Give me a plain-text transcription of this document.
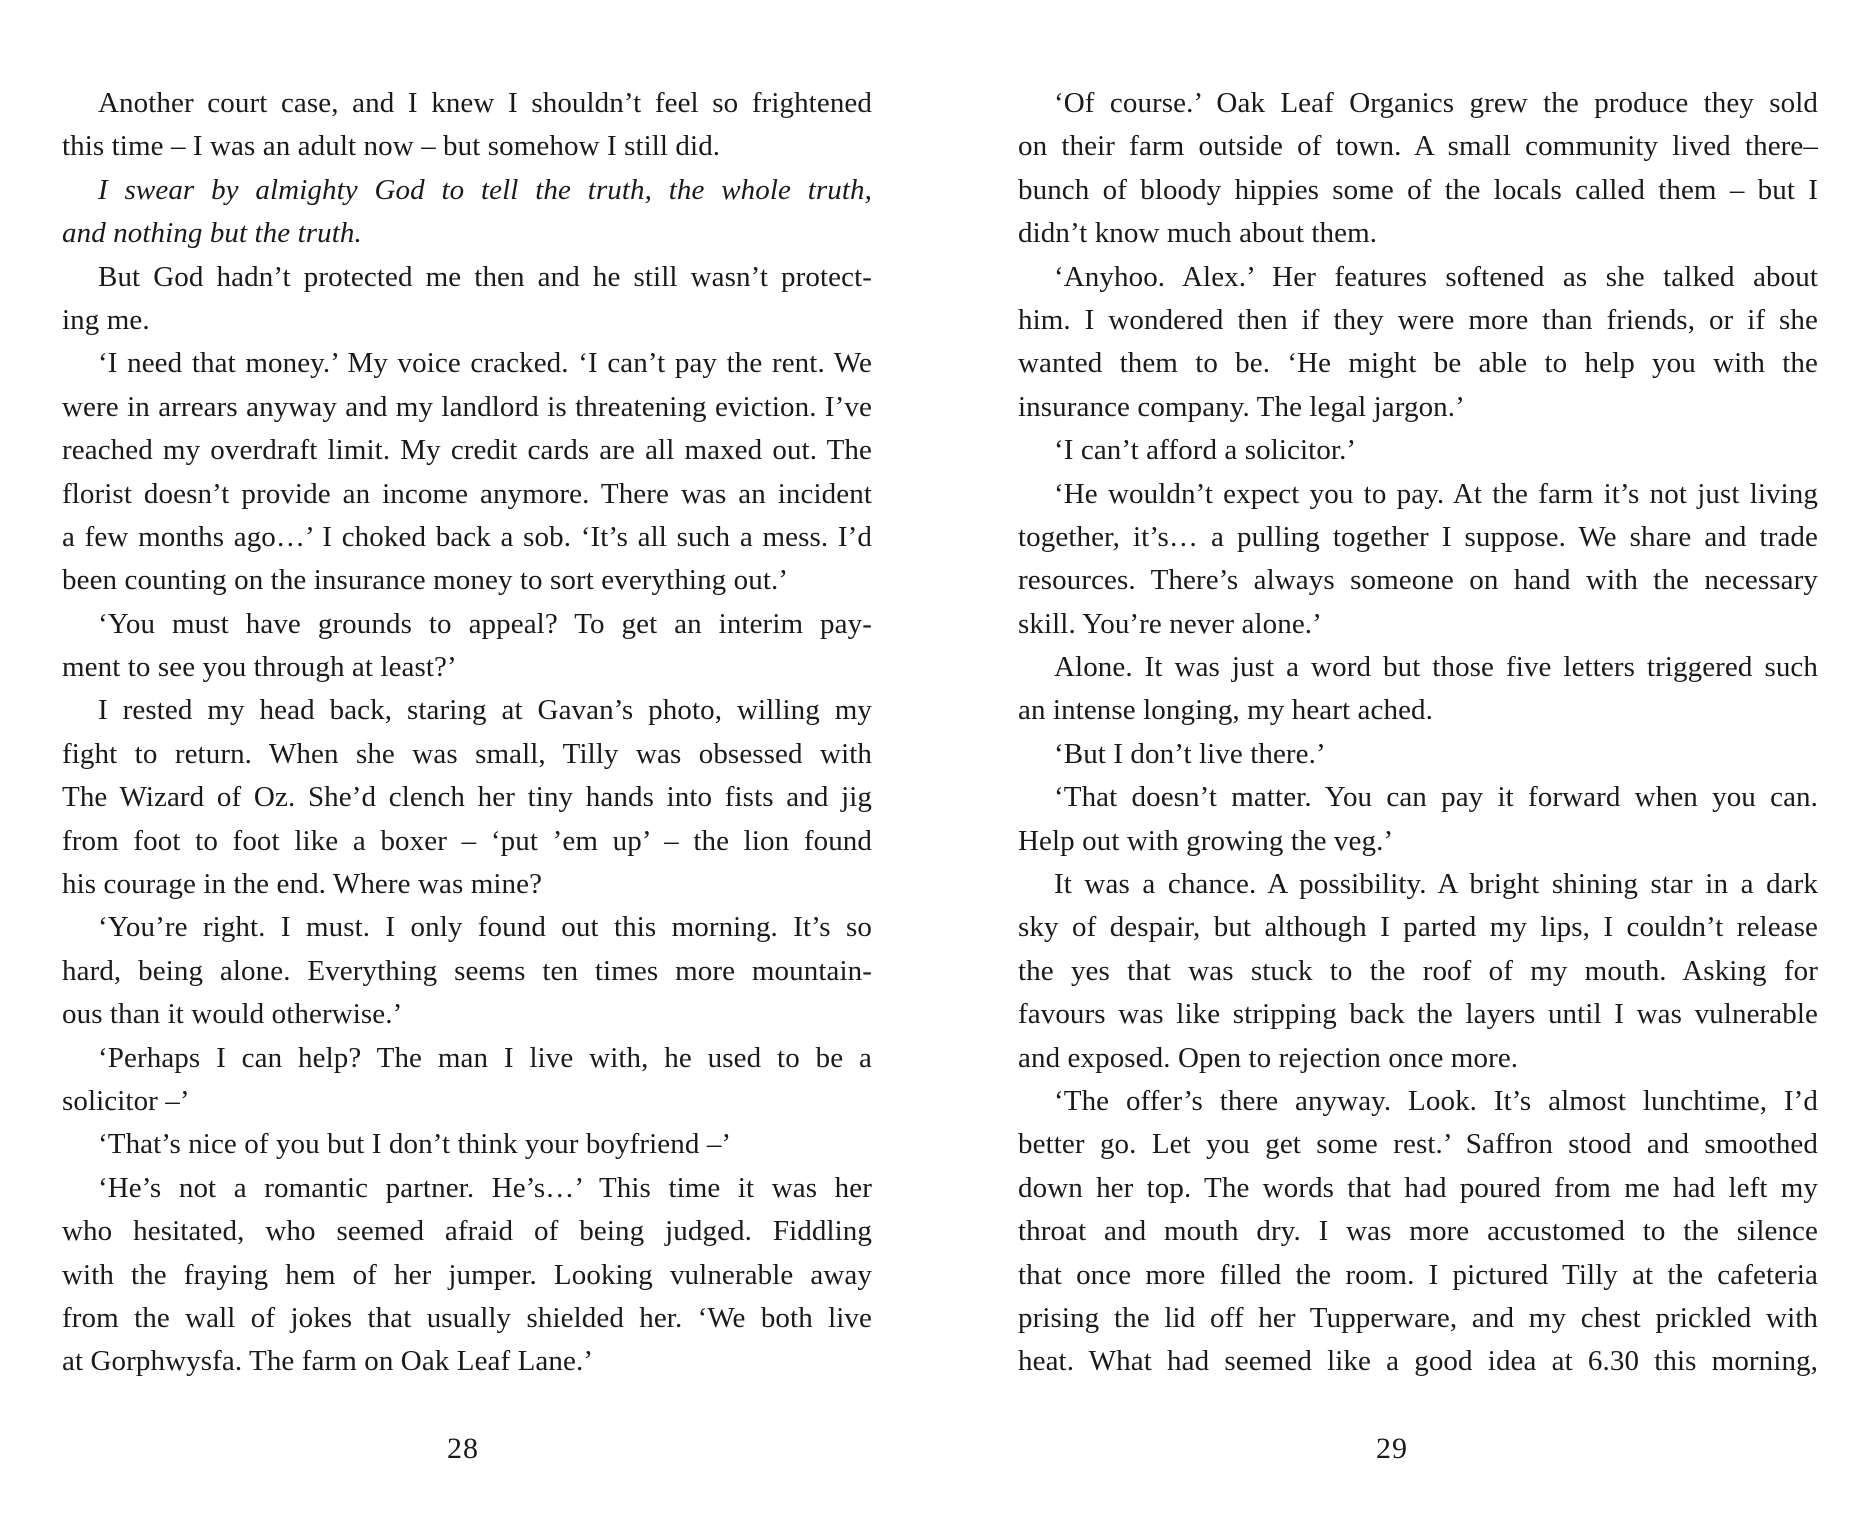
Another court case, and I knew I shouldn’t feel so frightened
this time – I was an adult now – but somehow I still did.
I swear by almighty God to tell the truth, the whole truth,
and nothing but the truth.
But God hadn’t protected me then and he still wasn’t protect-
ing me.
‘I need that money.’ My voice cracked. ‘I can’t pay the rent. We
were in arrears anyway and my landlord is threatening eviction. I’ve
reached my overdraft limit. My credit cards are all maxed out. The
florist doesn’t provide an income anymore. There was an incident
a few months ago…’ I choked back a sob. ‘It’s all such a mess. I’d
been counting on the insurance money to sort everything out.’
‘You must have grounds to appeal? To get an interim pay-
ment to see you through at least?’
I rested my head back, staring at Gavan’s photo, willing my
fight to return. When she was small, Tilly was obsessed with
The Wizard of Oz. She’d clench her tiny hands into fists and jig
from foot to foot like a boxer – ‘put ’em up’ – the lion found
his courage in the end. Where was mine?
‘You’re right. I must. I only found out this morning. It’s so
hard, being alone. Everything seems ten times more mountain-
ous than it would otherwise.’
‘Perhaps I can help? The man I live with, he used to be a
solicitor –’
‘That’s nice of you but I don’t think your boyfriend –’
‘He’s not a romantic partner. He’s…’ This time it was her
who hesitated, who seemed afraid of being judged. Fiddling
with the fraying hem of her jumper. Looking vulnerable away
from the wall of jokes that usually shielded her. ‘We both live
at Gorphwysfa. The farm on Oak Leaf Lane.’
28
‘Of course.’ Oak Leaf Organics grew the produce they sold
on their farm outside of town. A small community lived there–
bunch of bloody hippies some of the locals called them – but I
didn’t know much about them.
‘Anyhoo. Alex.’ Her features softened as she talked about
him. I wondered then if they were more than friends, or if she
wanted them to be. ‘He might be able to help you with the
insurance company. The legal jargon.’
‘I can’t afford a solicitor.’
‘He wouldn’t expect you to pay. At the farm it’s not just living
together, it’s… a pulling together I suppose. We share and trade
resources. There’s always someone on hand with the necessary
skill. You’re never alone.’
Alone. It was just a word but those five letters triggered such
an intense longing, my heart ached.
‘But I don’t live there.’
‘That doesn’t matter. You can pay it forward when you can.
Help out with growing the veg.’
It was a chance. A possibility. A bright shining star in a dark
sky of despair, but although I parted my lips, I couldn’t release
the yes that was stuck to the roof of my mouth. Asking for
favours was like stripping back the layers until I was vulnerable
and exposed. Open to rejection once more.
‘The offer’s there anyway. Look. It’s almost lunchtime, I’d
better go. Let you get some rest.’ Saffron stood and smoothed
down her top. The words that had poured from me had left my
throat and mouth dry. I was more accustomed to the silence
that once more filled the room. I pictured Tilly at the cafeteria
prising the lid off her Tupperware, and my chest prickled with
heat. What had seemed like a good idea at 6.30 this morning,
29
